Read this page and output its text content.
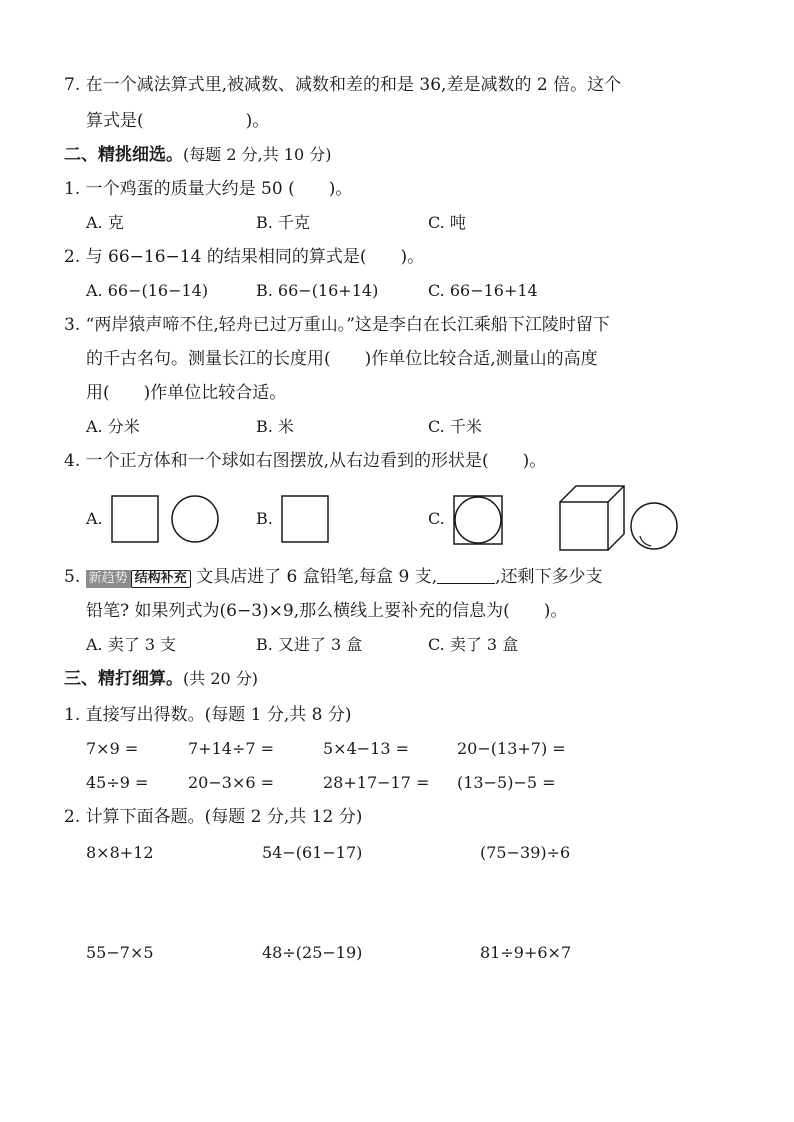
7. 在一个减法算式里,被减数、减数和差的和是 36,差是减数的 2 倍。这个
算式是(　　　　　　)。
二、精挑细选。(每题 2 分,共 10 分)
1. 一个鸡蛋的质量大约是 50 (　　)。
A. 克	B. 千克	C. 吨
2. 与 66−16−14 的结果相同的算式是(　　)。
A. 66−(16−14)	B. 66−(16+14)	C. 66−16+14
3. “两岸猿声啼不住,轻舟已过万重山。”这是李白在长江乘船下江陵时留下
的千古名句。测量长江的长度用(　　)作单位比较合适,测量山的高度
用(　　)作单位比较合适。
A. 分米	B. 米	C. 千米
4. 一个正方体和一个球如右图摆放,从右边看到的形状是(　　)。
A.	B.	C.
5. 新趋势 结构补充 文具店进了 6 盒铅笔,每盒 9 支,	,还剩下多少支
铅笔? 如果列式为(6−3)×9,那么横线上要补充的信息为(　　)。
A. 卖了 3 支	B. 又进了 3 盒	C. 卖了 3 盒
三、精打细算。(共 20 分)
1. 直接写出得数。(每题 1 分,共 8 分)
7×9 =	7+14÷7 =	5×4−13 =	20−(13+7) =
45÷9 = 20−3×6 =	28+17−17 = (13−5)−5 =
2. 计算下面各题。(每题 2 分,共 12 分)
8×8+12	54−(61−17)	(75−39)÷6
55−7×5	48÷(25−19)	81÷9+6×7
